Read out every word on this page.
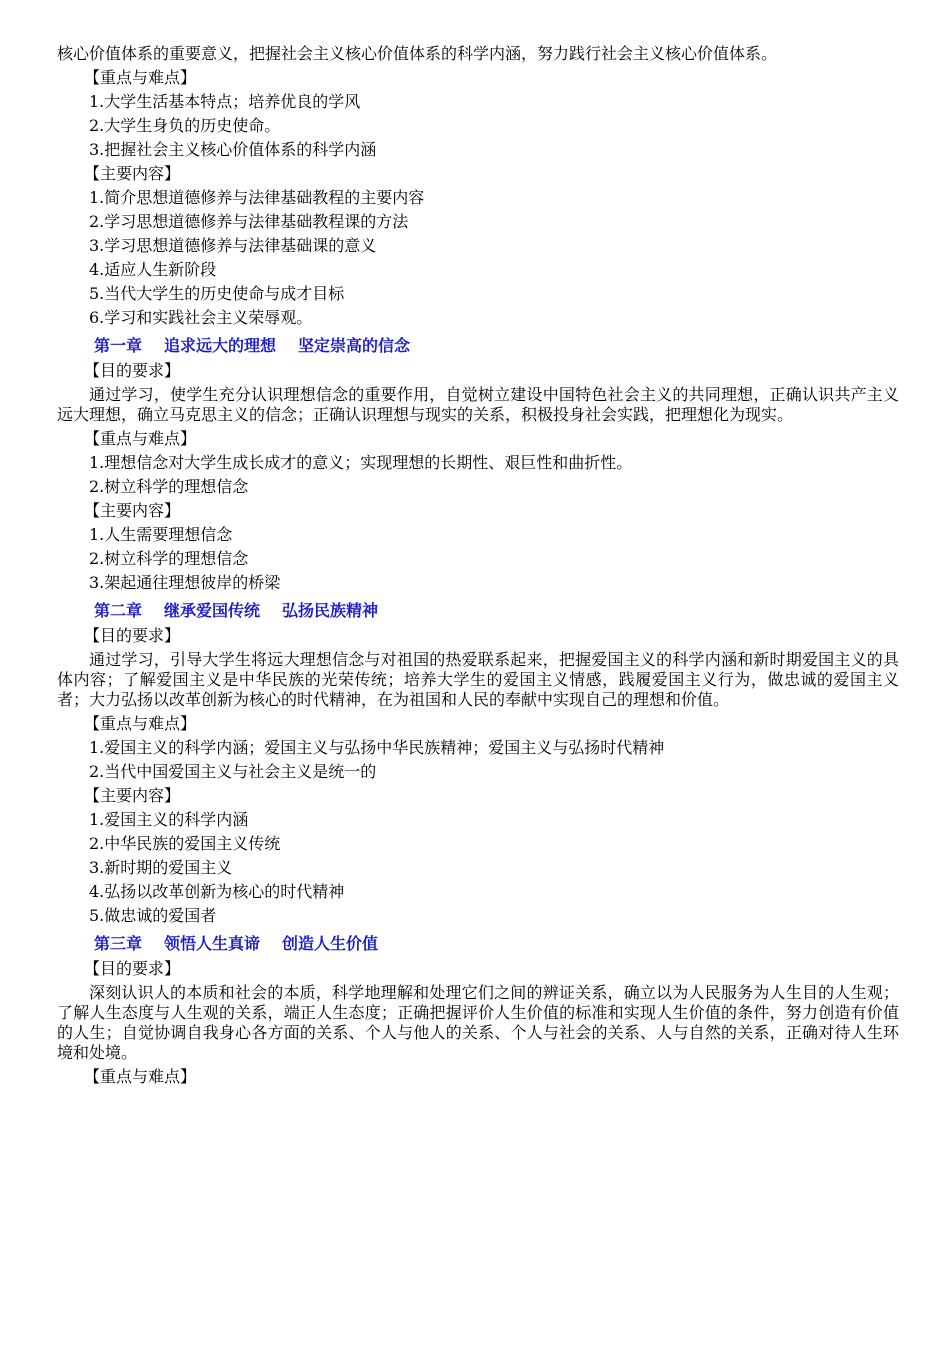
核心价值体系的重要意义，把握社会主义核心价值体系的科学内涵，努力践行社会主义核心价值体系。

【重点与难点】

1.大学生活基本特点；培养优良的学风

2.大学生身负的历史使命。

3.把握社会主义核心价值体系的科学内涵

【主要内容】

1.简介思想道德修养与法律基础教程的主要内容

2.学习思想道德修养与法律基础教程课的方法

3.学习思想道德修养与法律基础课的意义

4.适应人生新阶段

5.当代大学生的历史使命与成才目标

6.学习和实践社会主义荣辱观。

第一章 追求远大的理想 坚定崇高的信念

【目的要求】

通过学习，使学生充分认识理想信念的重要作用，自觉树立建设中国特色社会主义的共同理想，正确认识共产主义远大理想，确立马克思主义的信念；正确认识理想与现实的关系，积极投身社会实践，把理想化为现实。

【重点与难点】

1.理想信念对大学生成长成才的意义；实现理想的长期性、艰巨性和曲折性。

2.树立科学的理想信念

【主要内容】

1.人生需要理想信念

2.树立科学的理想信念

3.架起通往理想彼岸的桥梁

第二章 继承爱国传统 弘扬民族精神

【目的要求】

通过学习，引导大学生将远大理想信念与对祖国的热爱联系起来，把握爱国主义的科学内涵和新时期爱国主义的具体内容；了解爱国主义是中华民族的光荣传统；培养大学生的爱国主义情感，践履爱国主义行为，做忠诚的爱国主义者；大力弘扬以改革创新为核心的时代精神，在为祖国和人民的奉献中实现自己的理想和价值。

【重点与难点】

1.爱国主义的科学内涵；爱国主义与弘扬中华民族精神；爱国主义与弘扬时代精神

2.当代中国爱国主义与社会主义是统一的

【主要内容】

1.爱国主义的科学内涵

2.中华民族的爱国主义传统

3.新时期的爱国主义

4.弘扬以改革创新为核心的时代精神

5.做忠诚的爱国者

第三章 领悟人生真谛 创造人生价值

【目的要求】

深刻认识人的本质和社会的本质，科学地理解和处理它们之间的辨证关系，确立以为人民服务为人生目的人生观；了解人生态度与人生观的关系，端正人生态度；正确把握评价人生价值的标准和实现人生价值的条件，努力创造有价值的人生；自觉协调自我身心各方面的关系、个人与他人的关系、个人与社会的关系、人与自然的关系，正确对待人生环境和处境。

【重点与难点】
